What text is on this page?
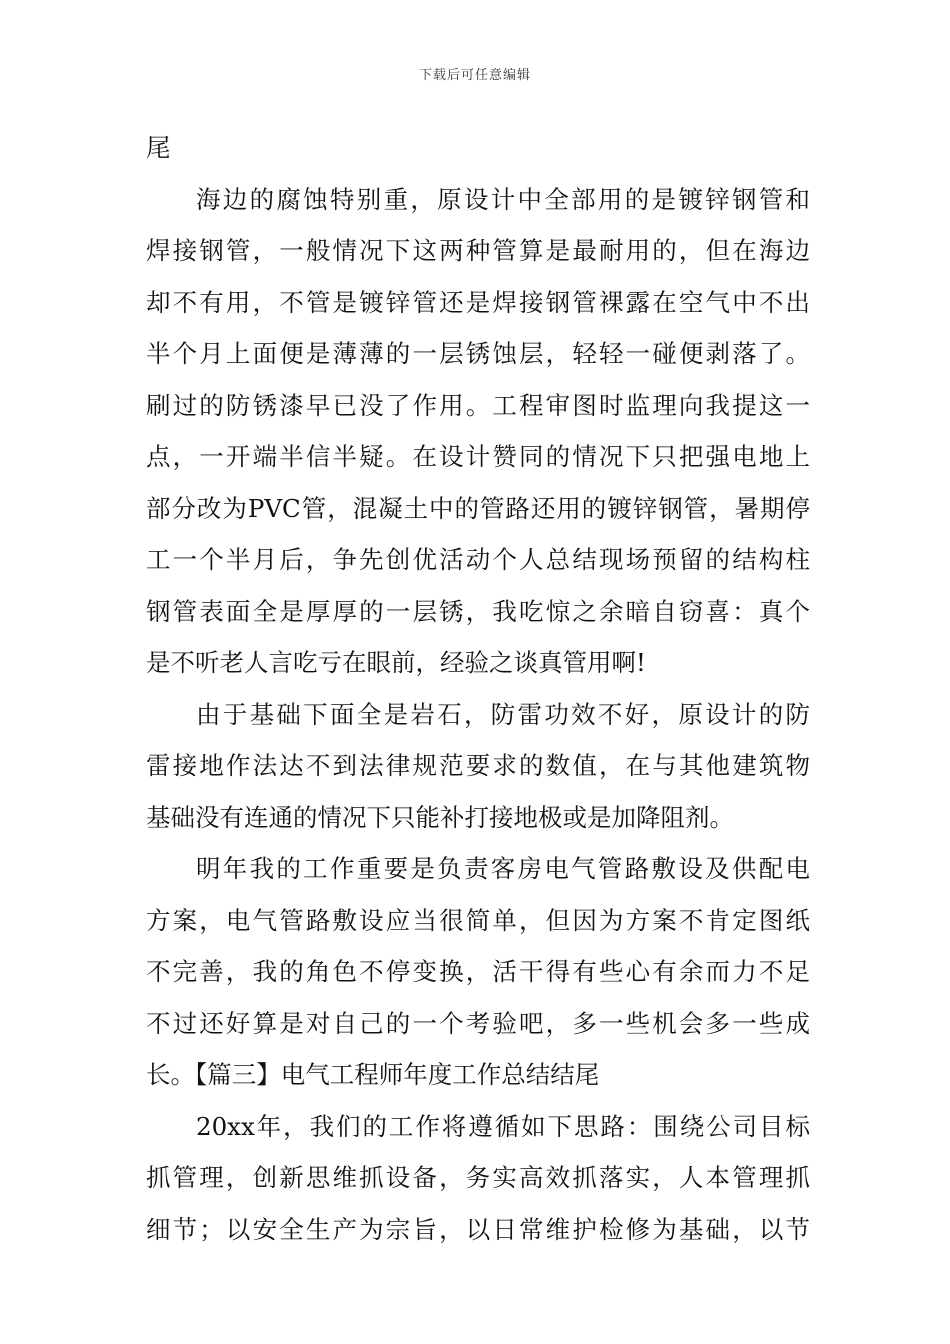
下载后可任意编辑
尾
海边的腐蚀特别重，原设计中全部用的是镀锌钢管和
焊接钢管，一般情况下这两种管算是最耐用的，但在海边
却不有用，不管是镀锌管还是焊接钢管裸露在空气中不出
半个月上面便是薄薄的一层锈蚀层，轻轻一碰便剥落了。
刷过的防锈漆早已没了作用。工程审图时监理向我提这一
点，一开端半信半疑。在设计赞同的情况下只把强电地上
部分改为PVC管，混凝土中的管路还用的镀锌钢管，暑期停
工一个半月后，争先创优活动个人总结现场预留的结构柱
钢管表面全是厚厚的一层锈，我吃惊之余暗自窃喜：真个
是不听老人言吃亏在眼前，经验之谈真管用啊!
由于基础下面全是岩石，防雷功效不好，原设计的防
雷接地作法达不到法律规范要求的数值，在与其他建筑物
基础没有连通的情况下只能补打接地极或是加降阻剂。
明年我的工作重要是负责客房电气管路敷设及供配电
方案，电气管路敷设应当很简单，但因为方案不肯定图纸
不完善，我的角色不停变换，活干得有些心有余而力不足
不过还好算是对自己的一个考验吧，多一些机会多一些成
长。【篇三】电气工程师年度工作总结结尾
20xx年，我们的工作将遵循如下思路：围绕公司目标
抓管理，创新思维抓设备，务实高效抓落实，人本管理抓
细节；以安全生产为宗旨，以日常维护检修为基础，以节
